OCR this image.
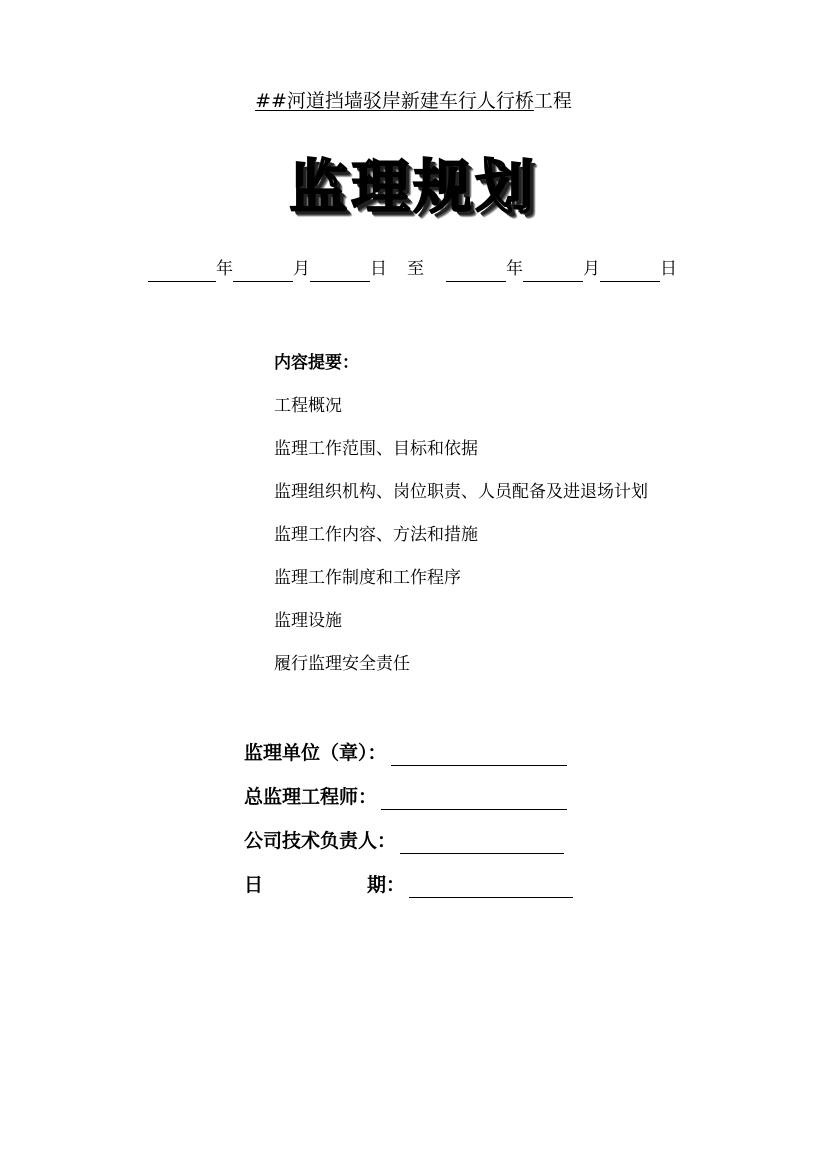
##河道挡墙驳岸新建车行人行桥工程
监理规划
年	月	日 至	年	月	日
内容提要：
工程概况
监理工作范围、目标和依据
监理组织机构、岗位职责、人员配备及进退场计划
监理工作内容、方法和措施
监理工作制度和工作程序
监理设施
履行监理安全责任
监理单位（章）：
总监理工程师：
公司技术负责人：
日	期：
